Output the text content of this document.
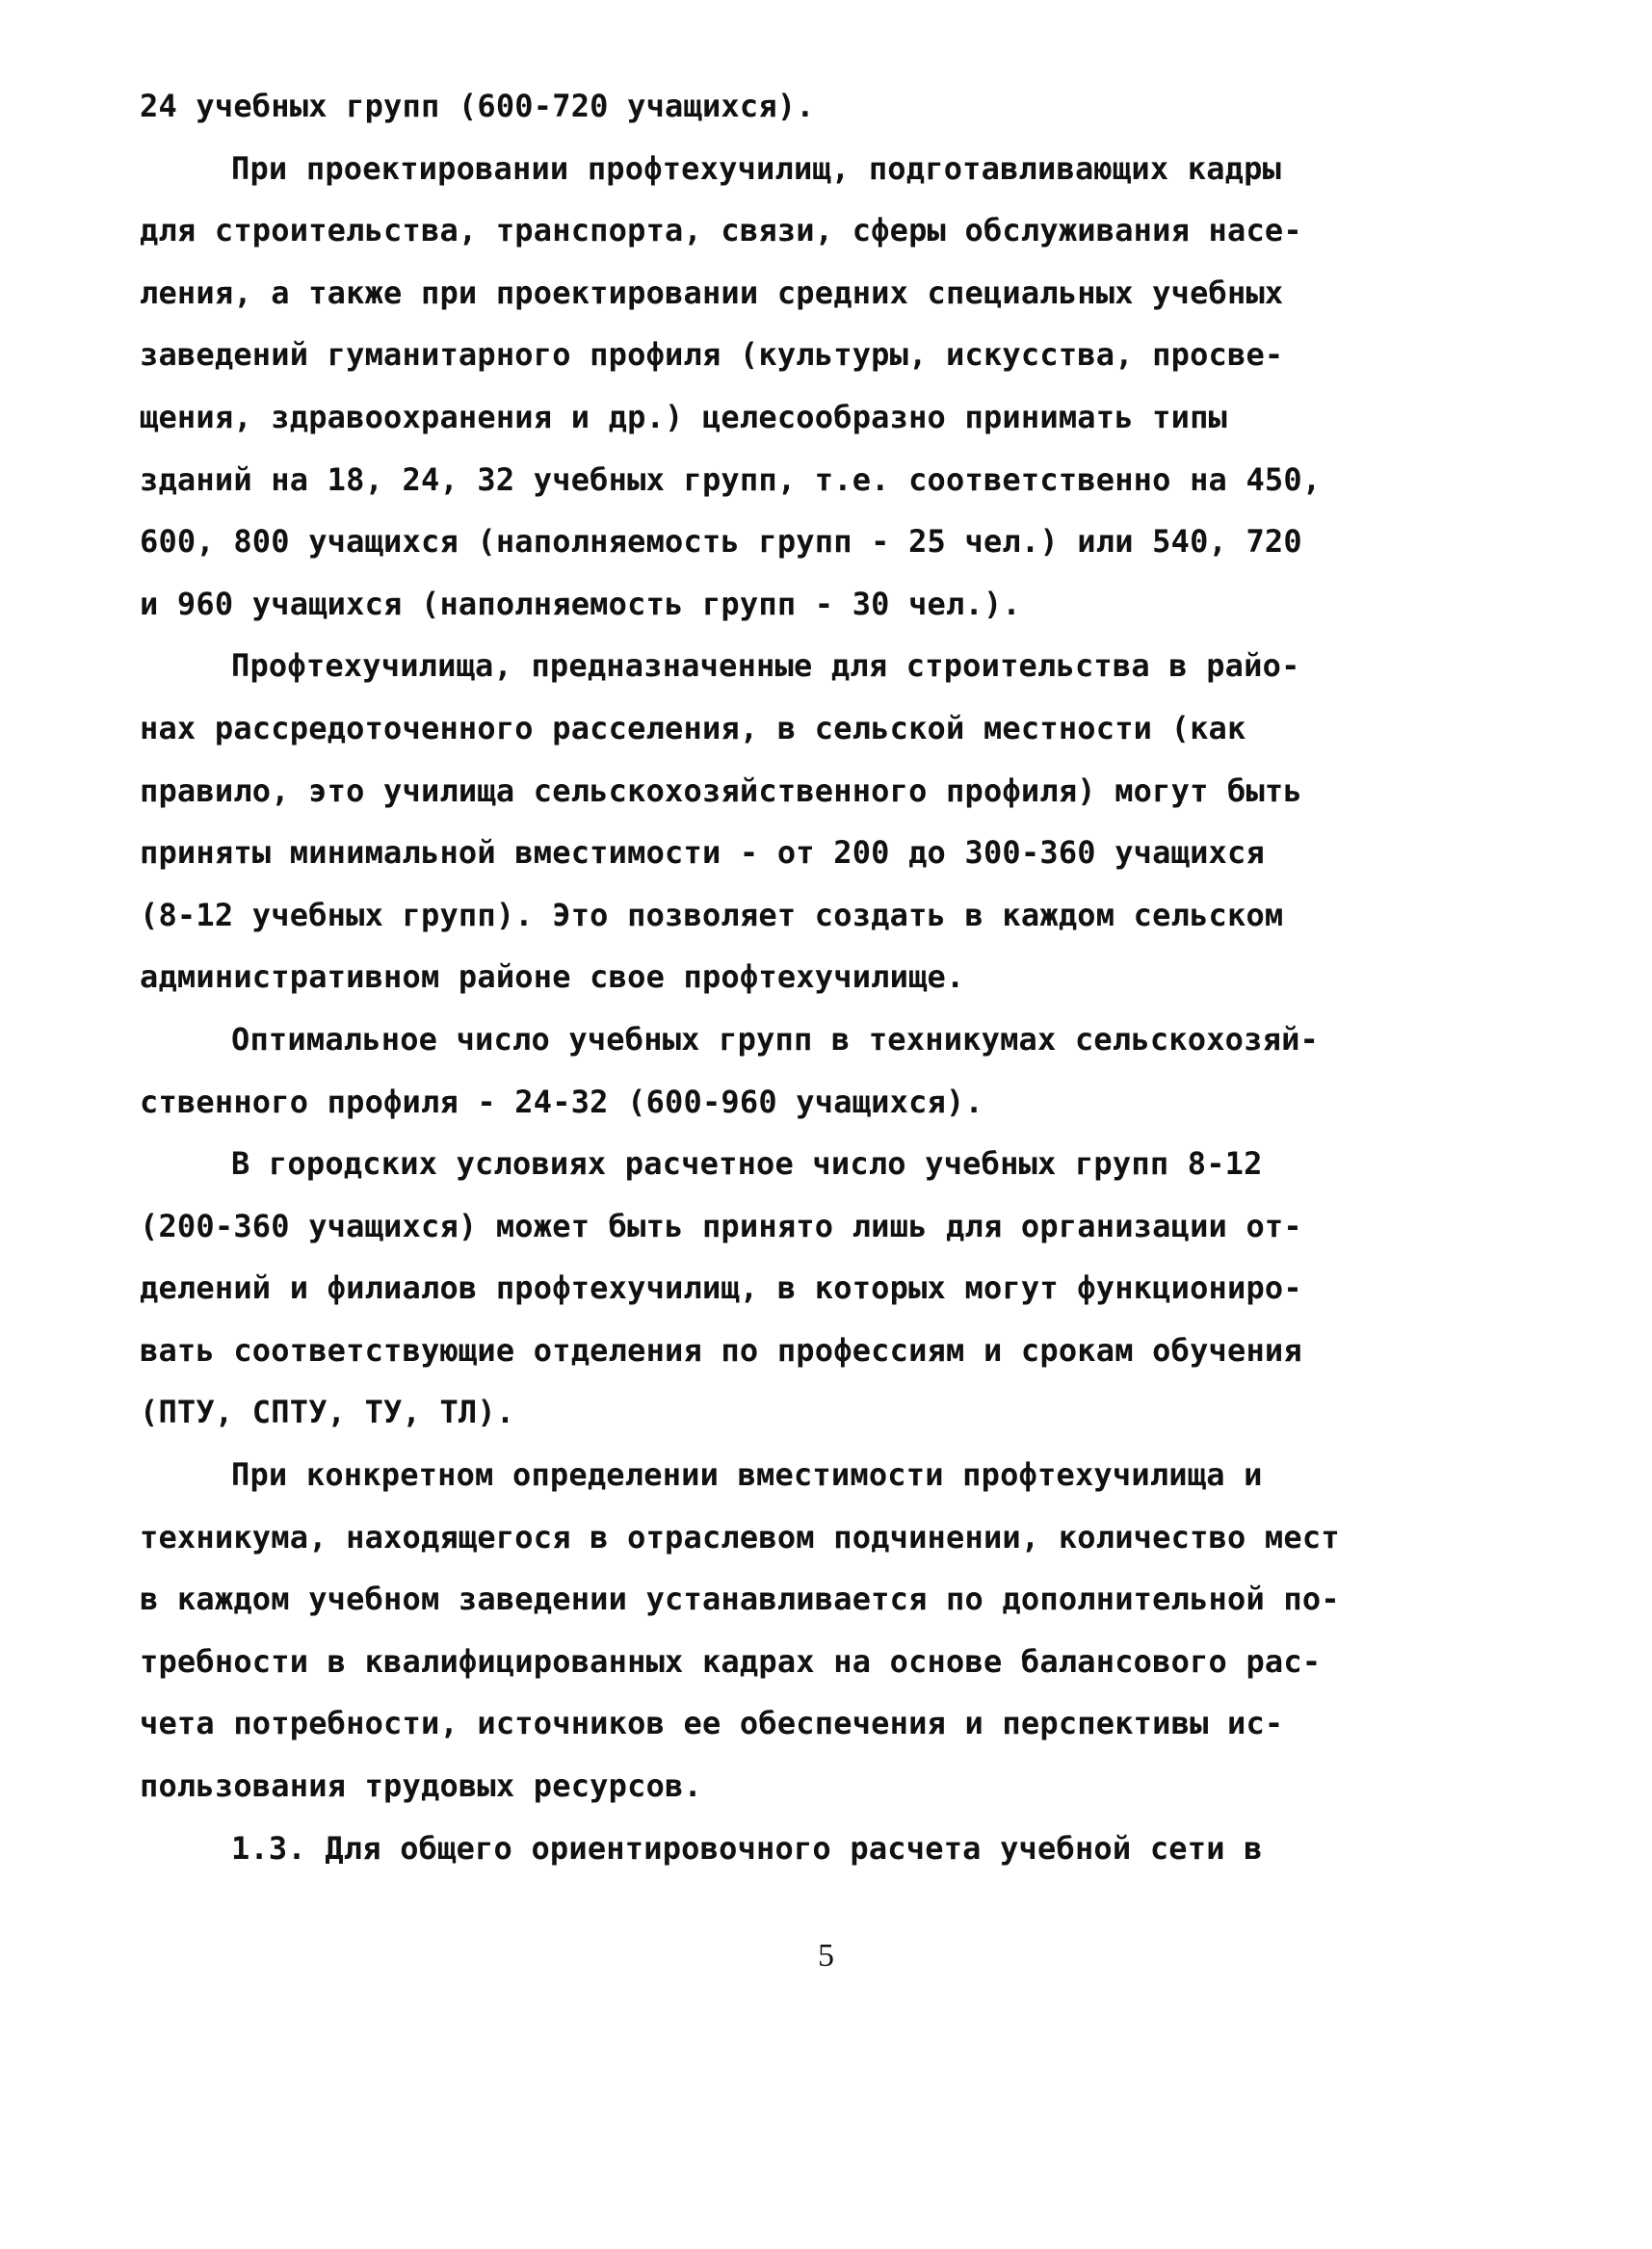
24 учебных групп (600-720 учащихся).
При проектировании профтехучилищ, подготавливающих кадры
для строительства, транспорта, связи, сферы обслуживания насе-
ления, а также при проектировании средних специальных учебных
заведений гуманитарного профиля (культуры, искусства, просве-
щения, здравоохранения и др.) целесообразно принимать типы
зданий на 18, 24, 32 учебных групп, т.е. соответственно на 450,
600, 800 учащихся (наполняемость групп - 25 чел.) или 540, 720
и 960 учащихся (наполняемость групп - 30 чел.).
Профтехучилища, предназначенные для строительства в райо-
нах рассредоточенного расселения, в сельской местности (как
правило, это училища сельскохозяйственного профиля) могут быть
приняты минимальной вместимости - от 200 до 300-360 учащихся
(8-12 учебных групп). Это позволяет создать в каждом сельском
административном районе свое профтехучилище.
Оптимальное число учебных групп в техникумах сельскохозяй-
ственного профиля - 24-32 (600-960 учащихся).
В городских условиях расчетное число учебных групп 8-12
(200-360 учащихся) может быть принято лишь для организации от-
делений и филиалов профтехучилищ, в которых могут функциониро-
вать соответствующие отделения по профессиям и срокам обучения
(ПТУ, СПТУ, ТУ, ТЛ).
При конкретном определении вместимости профтехучилища и
техникума, находящегося в отраслевом подчинении, количество мест
в каждом учебном заведении устанавливается по дополнительной по-
требности в квалифицированных кадрах на основе балансового рас-
чета потребности, источников ее обеспечения и перспективы ис-
пользования трудовых ресурсов.
1.3. Для общего ориентировочного расчета учебной сети в
5
